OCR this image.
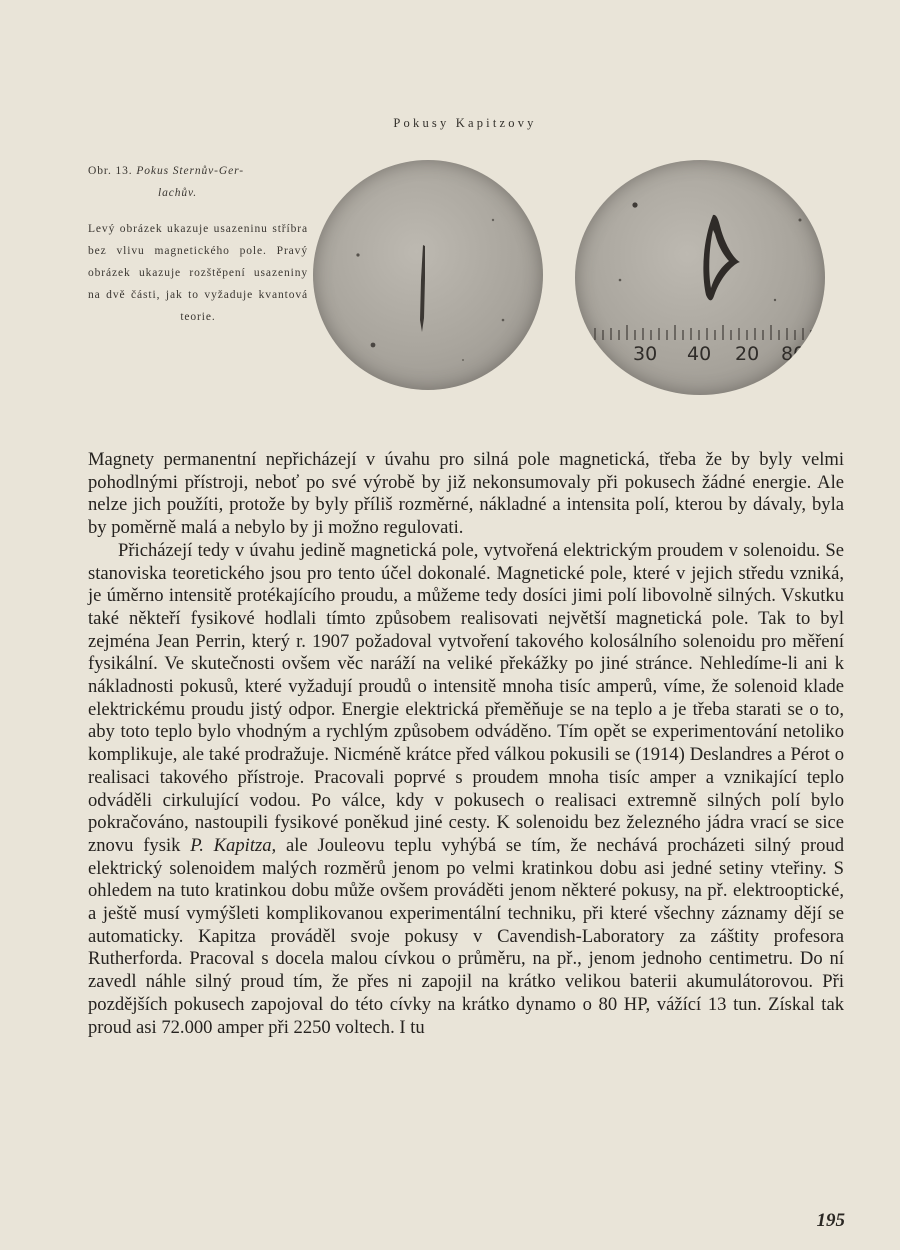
Pokusy Kapitzovy
Obr. 13. Pokus Sternův-Ger-
lachův.
Levý obrázek ukazuje usazeninu stříbra bez vlivu magnetického pole. Pravý obrázek ukazuje rozštěpení usazeniny na dvě části, jak to vyžaduje kvantová teorie.
30 40 20 80

Magnety permanentní nepřicházejí v úvahu pro silná pole magnetická, třeba že by byly velmi pohodlnými přístroji, neboť po své výrobě by již nekonsumovaly při pokusech žádné energie. Ale nelze jich použíti, protože by byly příliš rozměrné, nákladné a intensita polí, kterou by dávaly, byla by poměrně malá a nebylo by ji možno regulovati.

Přicházejí tedy v úvahu jedině magnetická pole, vytvořená elektrickým proudem v solenoidu. Se stanoviska teoretického jsou pro tento účel dokonalé. Magnetické pole, které v jejich středu vzniká, je úměrno intensitě protékajícího proudu, a můžeme tedy dosíci jimi polí libovolně silných. Vskutku také někteří fysikové hodlali tímto způsobem realisovati největší magnetická pole. Tak to byl zejména Jean Perrin, který r. 1907 požadoval vytvoření takového kolosálního solenoidu pro měření fysikální. Ve skutečnosti ovšem věc naráží na veliké překážky po jiné stránce. Nehledíme-li ani k nákladnosti pokusů, které vyžadují proudů o intensitě mnoha tisíc amperů, víme, že solenoid klade elektrickému proudu jistý odpor. Energie elektrická přeměňuje se na teplo a je třeba starati se o to, aby toto teplo bylo vhodným a rychlým způsobem odváděno. Tím opět se experimentování netoliko komplikuje, ale také prodražuje. Nicméně krátce před válkou pokusili se (1914) Deslandres a Pérot o realisaci takového přístroje. Pracovali poprvé s proudem mnoha tisíc amper a vznikající teplo odváděli cirkulující vodou. Po válce, kdy v pokusech o realisaci extremně silných polí bylo pokračováno, nastoupili fysikové poněkud jiné cesty. K solenoidu bez železného jádra vrací se sice znovu fysik P. Kapitza, ale Jouleovu teplu vyhýbá se tím, že nechává procházeti silný proud elektrický solenoidem malých rozměrů jenom po velmi kratinkou dobu asi jedné setiny vteřiny. S ohledem na tuto kratinkou dobu může ovšem prováděti jenom některé pokusy, na př. elektrooptické, a ještě musí vymýšleti komplikovanou experimentální techniku, při které všechny záznamy dějí se automaticky. Kapitza prováděl svoje pokusy v Cavendish-Laboratory za záštity profesora Rutherforda. Pracoval s docela malou cívkou o průměru, na př., jenom jednoho centimetru. Do ní zavedl náhle silný proud tím, že přes ni zapojil na krátko velikou baterii akumulátorovou. Při pozdějších pokusech zapojoval do této cívky na krátko dynamo o 80 HP, vážící 13 tun. Získal tak proud asi 72.000 amper při 2250 voltech. I tu

195
